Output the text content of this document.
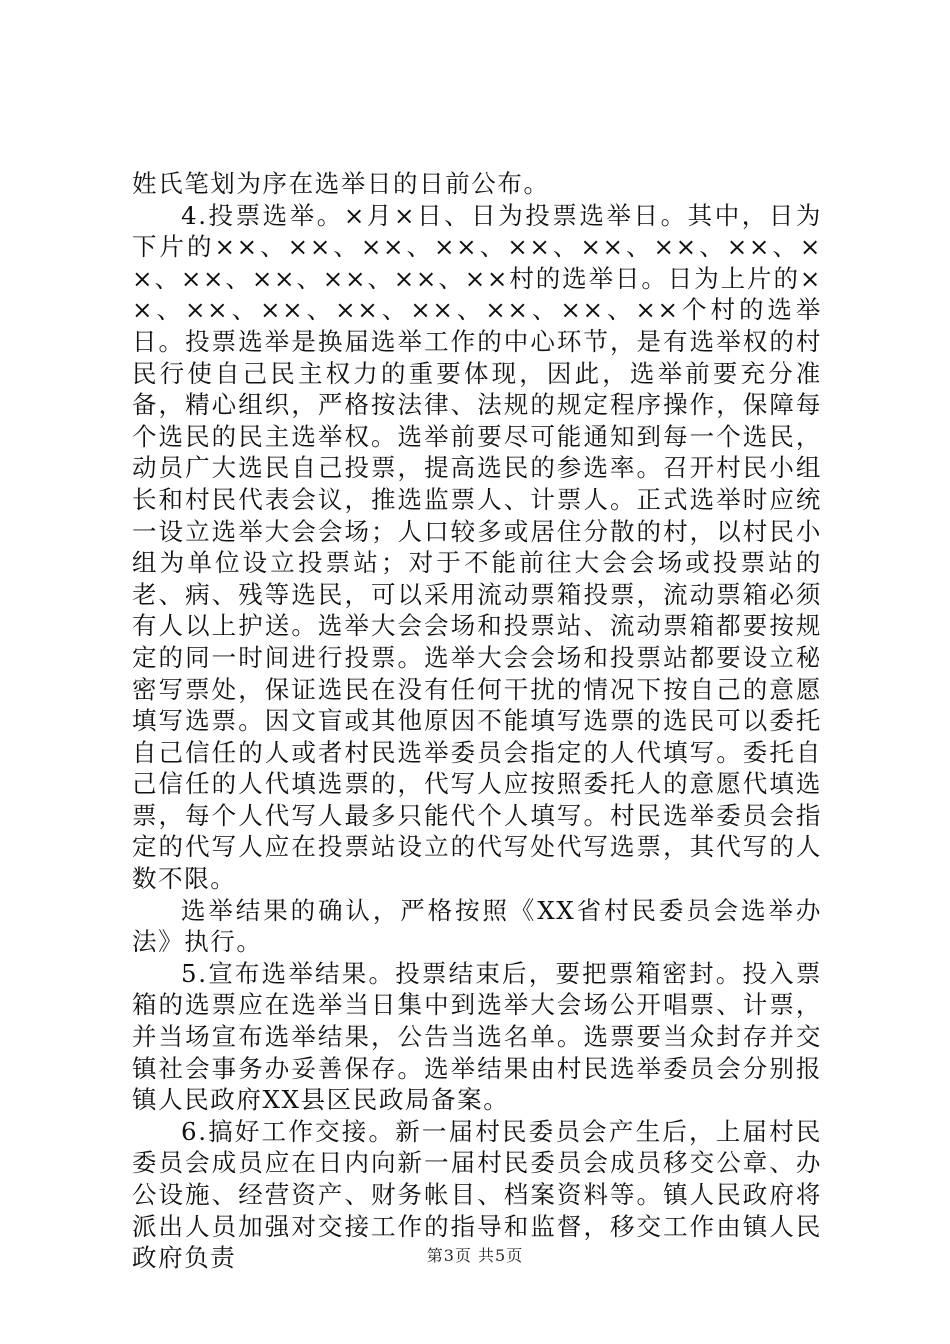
姓氏笔划为序在选举日的日前公布。

4.投票选举。×月×日、日为投票选举日。其中，日为下片的××、××、××、××、××、××、××、××、××、××、××、××、××、××村的选举日。日为上片的××、××、××、××、××、××、××、××个村的选举日。投票选举是换届选举工作的中心环节，是有选举权的村民行使自己民主权力的重要体现，因此，选举前要充分准备，精心组织，严格按法律、法规的规定程序操作，保障每个选民的民主选举权。选举前要尽可能通知到每一个选民，动员广大选民自己投票，提高选民的参选率。召开村民小组长和村民代表会议，推选监票人、计票人。正式选举时应统一设立选举大会会场；人口较多或居住分散的村，以村民小组为单位设立投票站；对于不能前往大会会场或投票站的老、病、残等选民，可以采用流动票箱投票，流动票箱必须有人以上护送。选举大会会场和投票站、流动票箱都要按规定的同一时间进行投票。选举大会会场和投票站都要设立秘密写票处，保证选民在没有任何干扰的情况下按自己的意愿填写选票。因文盲或其他原因不能填写选票的选民可以委托自己信任的人或者村民选举委员会指定的人代填写。委托自己信任的人代填选票的，代写人应按照委托人的意愿代填选票，每个人代写人最多只能代个人填写。村民选举委员会指定的代写人应在投票站设立的代写处代写选票，其代写的人数不限。

选举结果的确认，严格按照《XX省村民委员会选举办法》执行。

5.宣布选举结果。投票结束后，要把票箱密封。投入票箱的选票应在选举当日集中到选举大会场公开唱票、计票，并当场宣布选举结果，公告当选名单。选票要当众封存并交镇社会事务办妥善保存。选举结果由村民选举委员会分别报镇人民政府XX县区民政局备案。

6.搞好工作交接。新一届村民委员会产生后，上届村民委员会成员应在日内向新一届村民委员会成员移交公章、办公设施、经营资产、财务帐目、档案资料等。镇人民政府将派出人员加强对交接工作的指导和监督，移交工作由镇人民政府负责	第3页 共5页
